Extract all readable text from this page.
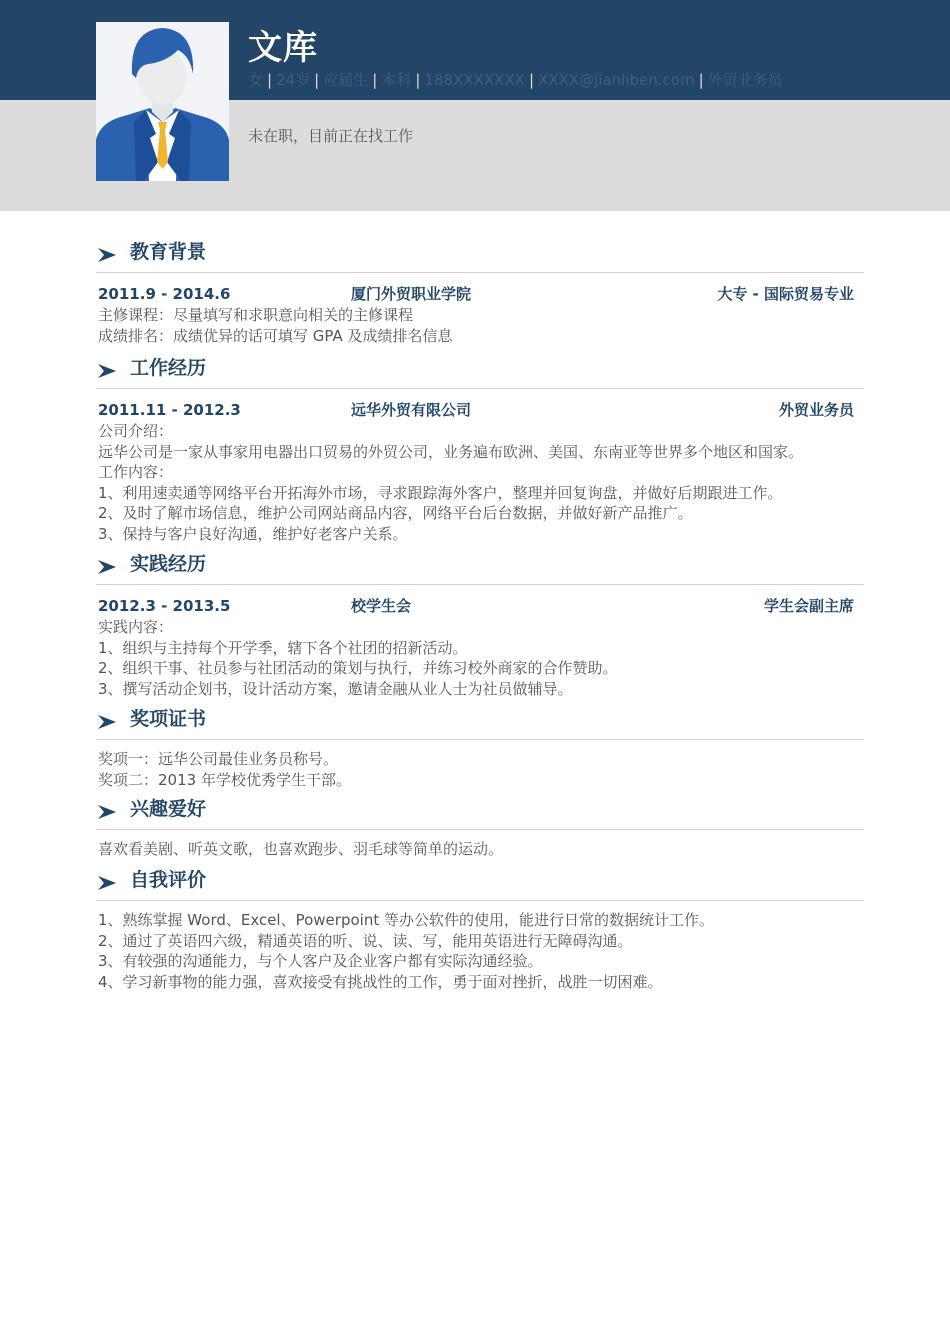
文库
女 | 24岁 | 应届生 | 本科 | 188XXXXXXX | XXXX@jianliben.com | 外贸业务员
未在职，目前正在找工作
教育背景
2011.9 - 2014.6	厦门外贸职业学院	大专 - 国际贸易专业
主修课程：尽量填写和求职意向相关的主修课程
成绩排名：成绩优异的话可填写 GPA 及成绩排名信息
工作经历
2011.11 - 2012.3	远华外贸有限公司	外贸业务员
公司介绍：
远华公司是一家从事家用电器出口贸易的外贸公司，业务遍布欧洲、美国、东南亚等世界多个地区和国家。
工作内容：
1、利用速卖通等网络平台开拓海外市场，寻求跟踪海外客户，整理并回复询盘，并做好后期跟进工作。
2、及时了解市场信息，维护公司网站商品内容，网络平台后台数据，并做好新产品推广。
3、保持与客户良好沟通，维护好老客户关系。
实践经历
2012.3 - 2013.5	校学生会	学生会副主席
实践内容：
1、组织与主持每个开学季，辖下各个社团的招新活动。
2、组织干事、社员参与社团活动的策划与执行，并练习校外商家的合作赞助。
3、撰写活动企划书，设计活动方案，邀请金融从业人士为社员做辅导。
奖项证书
奖项一：远华公司最佳业务员称号。
奖项二：2013 年学校优秀学生干部。
兴趣爱好
喜欢看美剧、听英文歌，也喜欢跑步、羽毛球等简单的运动。
自我评价
1、熟练掌握 Word、Excel、Powerpoint 等办公软件的使用，能进行日常的数据统计工作。
2、通过了英语四六级，精通英语的听、说、读、写，能用英语进行无障碍沟通。
3、有较强的沟通能力，与个人客户及企业客户都有实际沟通经验。
4、学习新事物的能力强，喜欢接受有挑战性的工作，勇于面对挫折，战胜一切困难。
